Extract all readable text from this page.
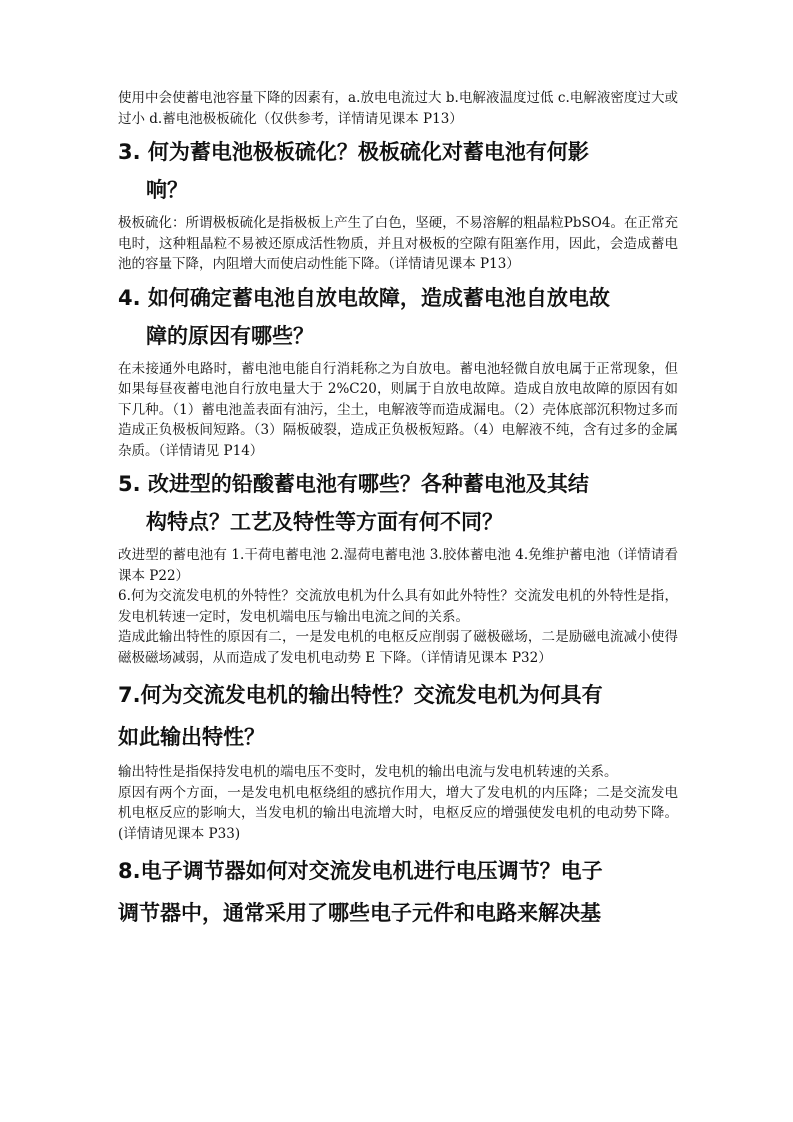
使用中会使蓄电池容量下降的因素有，a.放电电流过大 b.电解液温度过低 c.电解液密度过大或过小 d.蓄电池极板硫化（仅供参考，详情请见课本 P13）

3. 何为蓄电池极板硫化？极板硫化对蓄电池有何影
响？

极板硫化：所谓极板硫化是指极板上产生了白色，坚硬，不易溶解的粗晶粒PbSO4。在正常充电时，这种粗晶粒不易被还原成活性物质，并且对极板的空隙有阻塞作用，因此，会造成蓄电池的容量下降，内阻增大而使启动性能下降。（详情请见课本 P13）

4. 如何确定蓄电池自放电故障，造成蓄电池自放电故
障的原因有哪些？

在未接通外电路时，蓄电池电能自行消耗称之为自放电。蓄电池轻微自放电属于正常现象，但如果每昼夜蓄电池自行放电量大于 2%C20，则属于自放电故障。造成自放电故障的原因有如下几种。（1）蓄电池盖表面有油污，尘土，电解液等而造成漏电。（2）壳体底部沉积物过多而造成正负极板间短路。（3）隔板破裂，造成正负极板短路。（4）电解液不纯，含有过多的金属杂质。（详情请见 P14）

5. 改进型的铅酸蓄电池有哪些？各种蓄电池及其结
构特点？工艺及特性等方面有何不同？

改进型的蓄电池有 1.干荷电蓄电池 2.湿荷电蓄电池 3.胶体蓄电池 4.免维护蓄电池（详情请看课本 P22）

6.何为交流发电机的外特性？交流放电机为什么具有如此外特性？交流发电机的外特性是指，发电机转速一定时，发电机端电压与输出电流之间的关系。

造成此输出特性的原因有二，一是发电机的电枢反应削弱了磁极磁场，二是励磁电流减小使得磁极磁场减弱，从而造成了发电机电动势 E 下降。（详情请见课本 P32）

7.何为交流发电机的输出特性？交流发电机为何具有
如此输出特性？

输出特性是指保持发电机的端电压不变时，发电机的输出电流与发电机转速的关系。

原因有两个方面，一是发电机电枢绕组的感抗作用大，增大了发电机的内压降；二是交流发电机电枢反应的影响大，当发电机的输出电流增大时，电枢反应的增强使发电机的电动势下降。(详情请见课本 P33)

8.电子调节器如何对交流发电机进行电压调节？电子
调节器中，通常采用了哪些电子元件和电路来解决基
